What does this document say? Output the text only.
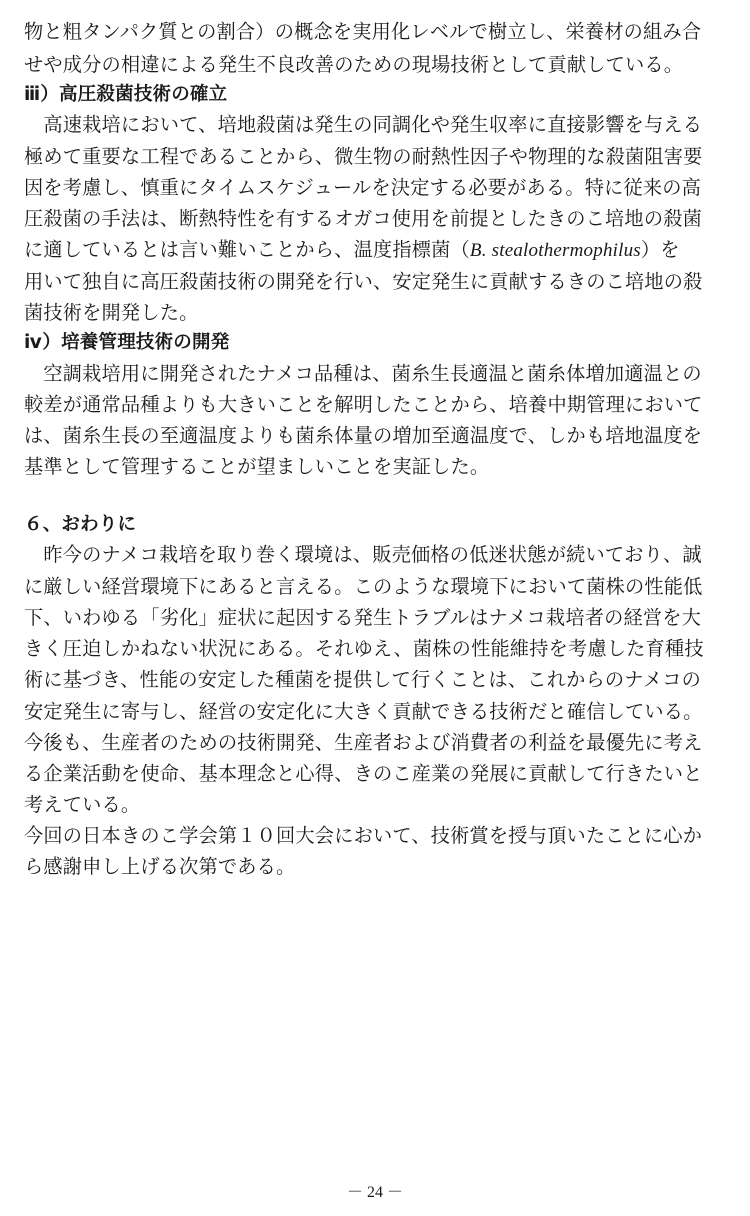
物と粗タンパク質との割合）の概念を実用化レベルで樹立し、栄養材の組み合
せや成分の相違による発生不良改善のための現場技術として貢献している。
ⅲ）高圧殺菌技術の確立
　高速栽培において、培地殺菌は発生の同調化や発生収率に直接影響を与える
極めて重要な工程であることから、微生物の耐熱性因子や物理的な殺菌阻害要
因を考慮し、慎重にタイムスケジュールを決定する必要がある。特に従来の高
圧殺菌の手法は、断熱特性を有するオガコ使用を前提としたきのこ培地の殺菌
に適しているとは言い難いことから、温度指標菌（B. stealothermophilus）を
用いて独自に高圧殺菌技術の開発を行い、安定発生に貢献するきのこ培地の殺
菌技術を開発した。
ⅳ）培養管理技術の開発
　空調栽培用に開発されたナメコ品種は、菌糸生長適温と菌糸体増加適温との
較差が通常品種よりも大きいことを解明したことから、培養中期管理において
は、菌糸生長の至適温度よりも菌糸体量の増加至適温度で、しかも培地温度を
基準として管理することが望ましいことを実証した。
６、おわりに
　昨今のナメコ栽培を取り巻く環境は、販売価格の低迷状態が続いており、誠
に厳しい経営環境下にあると言える。このような環境下において菌株の性能低
下、いわゆる「劣化」症状に起因する発生トラブルはナメコ栽培者の経営を大
きく圧迫しかねない状況にある。それゆえ、菌株の性能維持を考慮した育種技
術に基づき、性能の安定した種菌を提供して行くことは、これからのナメコの
安定発生に寄与し、経営の安定化に大きく貢献できる技術だと確信している。
今後も、生産者のための技術開発、生産者および消費者の利益を最優先に考え
る企業活動を使命、基本理念と心得、きのこ産業の発展に貢献して行きたいと
考えている。
今回の日本きのこ学会第１０回大会において、技術賞を授与頂いたことに心か
ら感謝申し上げる次第である。
－ 24 －
